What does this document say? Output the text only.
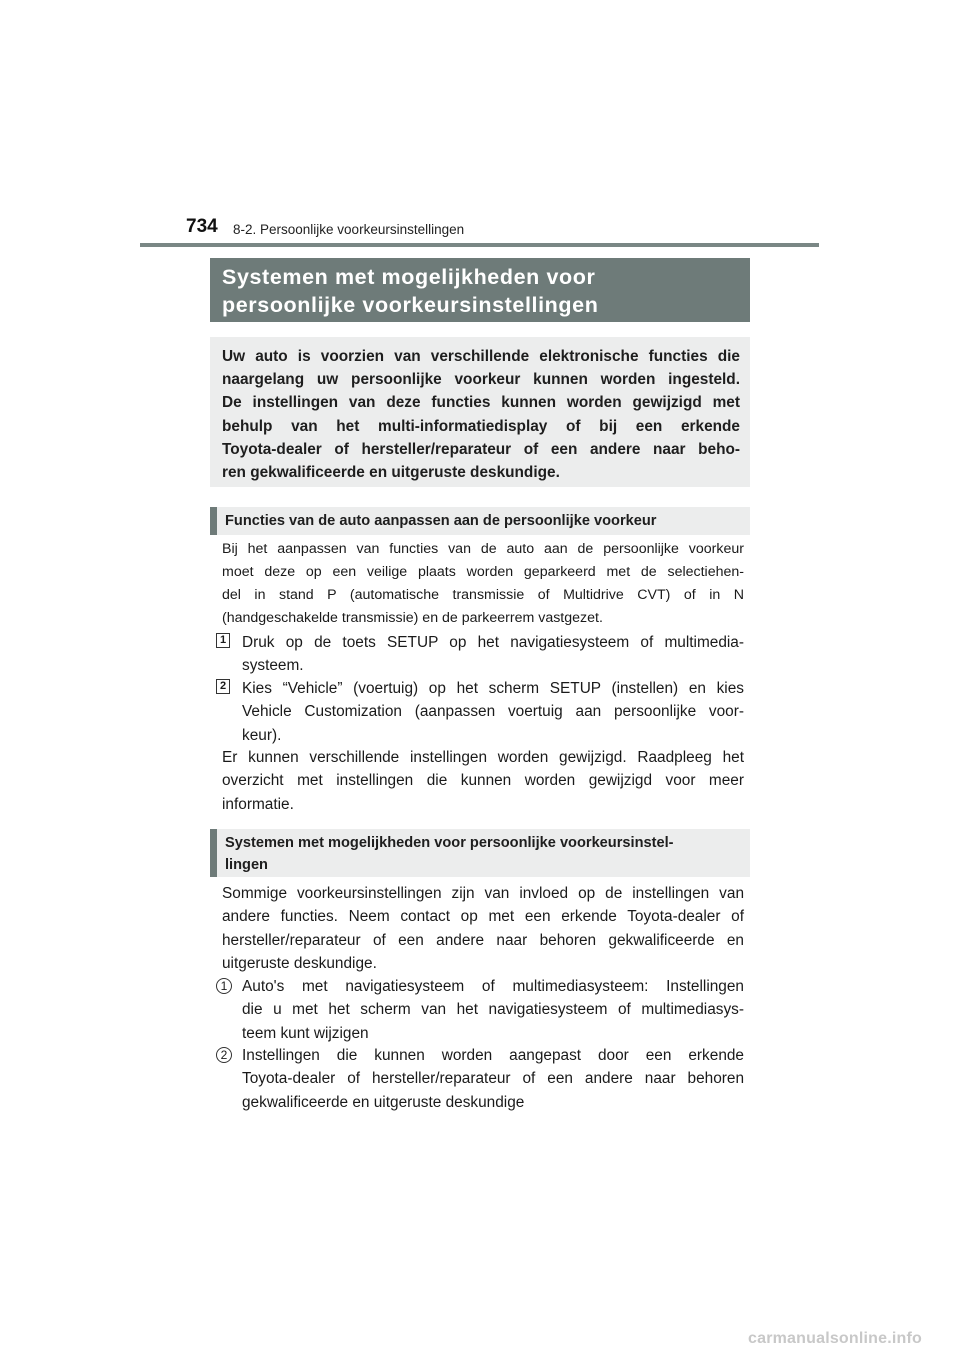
734 8-2. Persoonlijke voorkeursinstellingen
Systemen met mogelijkheden voor
persoonlijke voorkeursinstellingen
Uw auto is voorzien van verschillende elektronische functies die
naargelang uw persoonlijke voorkeur kunnen worden ingesteld.
De instellingen van deze functies kunnen worden gewijzigd met
behulp van het multi-informatiedisplay of bij een erkende
Toyota-dealer of hersteller/reparateur of een andere naar beho-
ren gekwalificeerde en uitgeruste deskundige.
Functies van de auto aanpassen aan de persoonlijke voorkeur
Bij het aanpassen van functies van de auto aan de persoonlijke voorkeur
moet deze op een veilige plaats worden geparkeerd met de selectiehen-
del in stand P (automatische transmissie of Multidrive CVT) of in N
(handgeschakelde transmissie) en de parkeerrem vastgezet.
1 Druk op de toets SETUP op het navigatiesysteem of multimedia-
systeem.
2 Kies “Vehicle” (voertuig) op het scherm SETUP (instellen) en kies
Vehicle Customization (aanpassen voertuig aan persoonlijke voor-
keur).
Er kunnen verschillende instellingen worden gewijzigd. Raadpleeg het
overzicht met instellingen die kunnen worden gewijzigd voor meer
informatie.
Systemen met mogelijkheden voor persoonlijke voorkeursinstel-
lingen
Sommige voorkeursinstellingen zijn van invloed op de instellingen van
andere functies. Neem contact op met een erkende Toyota-dealer of
hersteller/reparateur of een andere naar behoren gekwalificeerde en
uitgeruste deskundige.
1 Auto's met navigatiesysteem of multimediasysteem: Instellingen
die u met het scherm van het navigatiesysteem of multimediasys-
teem kunt wijzigen
2 Instellingen die kunnen worden aangepast door een erkende
Toyota-dealer of hersteller/reparateur of een andere naar behoren
gekwalificeerde en uitgeruste deskundige
carmanualsonline.info
